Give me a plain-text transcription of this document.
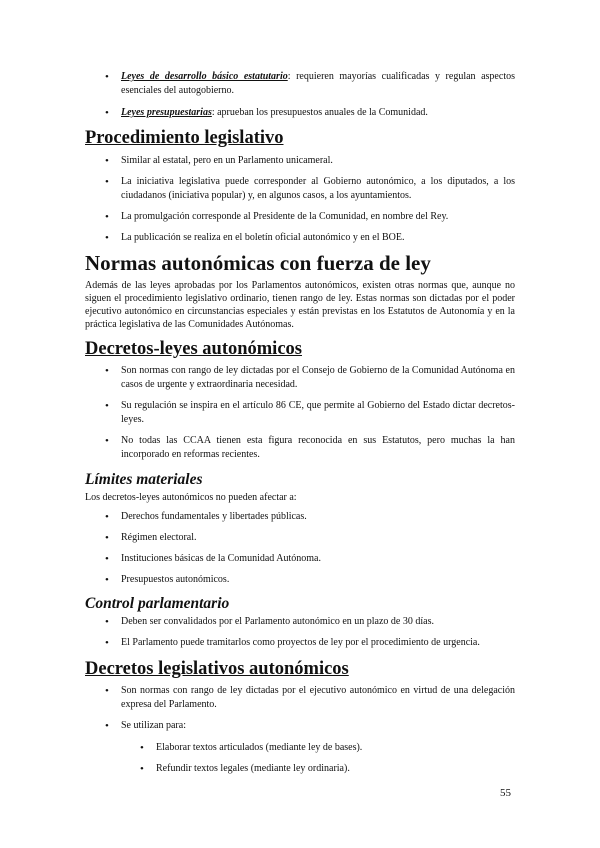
• Leyes de desarrollo básico estatutario: requieren mayorías cualificadas y regulan aspectos esenciales del autogobierno.
• Leyes presupuestarias: aprueban los presupuestos anuales de la Comunidad.
Procedimiento legislativo
• Similar al estatal, pero en un Parlamento unicameral.
• La iniciativa legislativa puede corresponder al Gobierno autonómico, a los diputados, a los ciudadanos (iniciativa popular) y, en algunos casos, a los ayuntamientos.
• La promulgación corresponde al Presidente de la Comunidad, en nombre del Rey.
• La publicación se realiza en el boletín oficial autonómico y en el BOE.
Normas autonómicas con fuerza de ley

Además de las leyes aprobadas por los Parlamentos autonómicos, existen otras normas que, aunque no siguen el procedimiento legislativo ordinario, tienen rango de ley. Estas normas son dictadas por el poder ejecutivo autonómico en circunstancias especiales y están previstas en los Estatutos de Autonomía y en la práctica legislativa de las Comunidades Autónomas.

Decretos-leyes autonómicos
• Son normas con rango de ley dictadas por el Consejo de Gobierno de la Comunidad Autónoma en casos de urgente y extraordinaria necesidad.
• Su regulación se inspira en el artículo 86 CE, que permite al Gobierno del Estado dictar decretos-leyes.
• No todas las CCAA tienen esta figura reconocida en sus Estatutos, pero muchas la han incorporado en reformas recientes.
Límites materiales

Los decretos-leyes autonómicos no pueden afectar a:

• Derechos fundamentales y libertades públicas.
• Régimen electoral.
• Instituciones básicas de la Comunidad Autónoma.
• Presupuestos autonómicos.
Control parlamentario
• Deben ser convalidados por el Parlamento autonómico en un plazo de 30 días.
• El Parlamento puede tramitarlos como proyectos de ley por el procedimiento de urgencia.
Decretos legislativos autonómicos
• Son normas con rango de ley dictadas por el ejecutivo autonómico en virtud de una delegación expresa del Parlamento.
• Se utilizan para:
• Elaborar textos articulados (mediante ley de bases).
• Refundir textos legales (mediante ley ordinaria).
55
